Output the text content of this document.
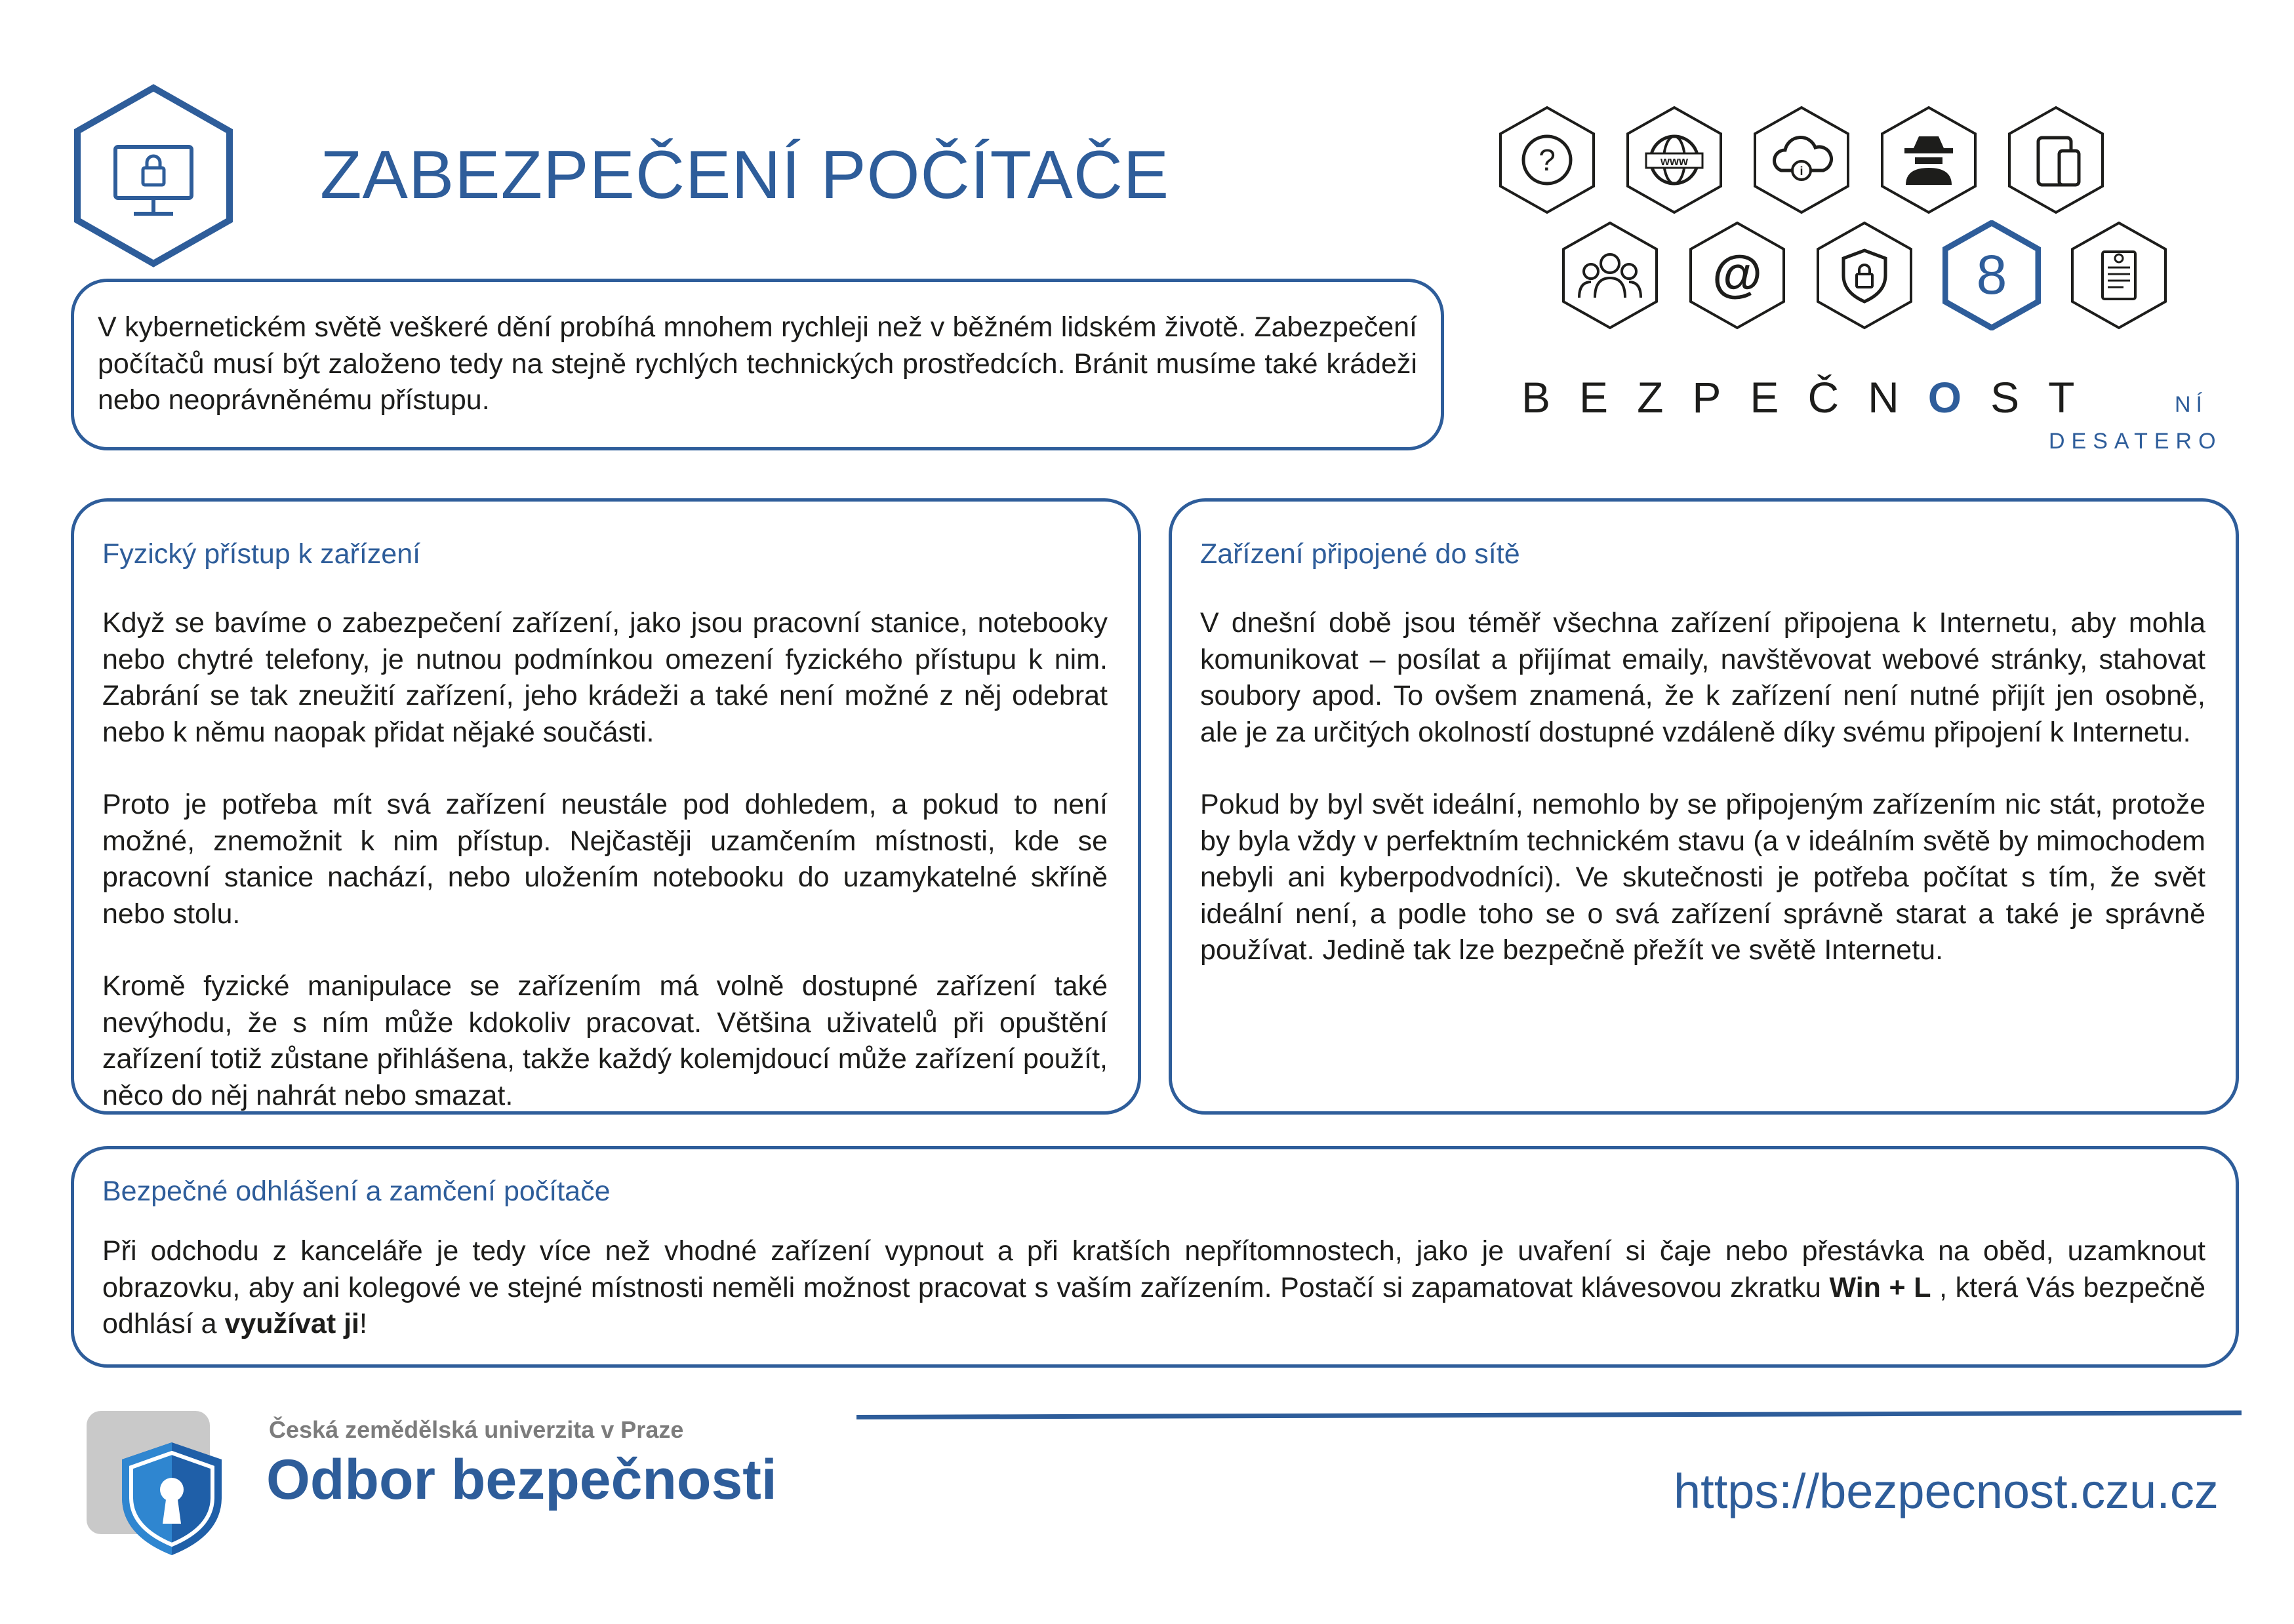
ZABEZPEČENÍ POČÍTAČE

V kybernetickém světě veškeré dění probíhá mnohem rychleji než v běžném lidském životě. Zabezpečení počítačů musí být založeno tedy na stejně rychlých technických prostředcích. Bránit musíme také krádeži nebo neoprávněnému přístupu.

?	www
i
@	8
BEZPEČNOST	NÍ
DESATERO
Fyzický přístup k zařízení

Když se bavíme o zabezpečení zařízení, jako jsou pracovní stanice, notebooky nebo chytré telefony, je nutnou podmínkou omezení fyzického přístupu k nim. Zabrání se tak zneužití zařízení, jeho krádeži a také není možné z něj odebrat nebo k němu naopak přidat nějaké součásti.

Proto je potřeba mít svá zařízení neustále pod dohledem, a pokud to není možné, znemožnit k nim přístup. Nejčastěji uzamčením místnosti, kde se pracovní stanice nachází, nebo uložením notebooku do uzamykatelné skříně nebo stolu.

Kromě fyzické manipulace se zařízením má volně dostupné zařízení také nevýhodu, že s ním může kdokoliv pracovat. Většina uživatelů při opuštění zařízení totiž zůstane přihlášena, takže každý kolemjdoucí může zařízení použít, něco do něj nahrát nebo smazat.

Zařízení připojené do sítě

V dnešní době jsou téměř všechna zařízení připojena k Internetu, aby mohla komunikovat – posílat a přijímat emaily, navštěvovat webové stránky, stahovat soubory apod. To ovšem znamená, že k zařízení není nutné přijít jen osobně, ale je za určitých okolností dostupné vzdáleně díky svému připojení k Internetu.

Pokud by byl svět ideální, nemohlo by se připojeným zařízením nic stát, protože by byla vždy v perfektním technickém stavu (a v ideálním světě by mimochodem nebyli ani kyberpodvodníci). Ve skutečnosti je potřeba počítat s tím, že svět ideální není, a podle toho se o svá zařízení správně starat a také je správně používat. Jedině tak lze bezpečně přežít ve světě Internetu.

Bezpečné odhlášení a zamčení počítače

Při odchodu z kanceláře je tedy více než vhodné zařízení vypnout a při kratších nepřítomnostech, jako je uvaření si čaje nebo přestávka na oběd, uzamknout obrazovku, aby ani kolegové ve stejné místnosti neměli možnost pracovat s vaším zařízením. Postačí si zapamatovat klávesovou zkratku Win + L , která Vás bezpečně odhlásí a využívat ji!

Česká zemědělská univerzita v Praze
Odbor bezpečnosti	https://bezpecnost.czu.cz
